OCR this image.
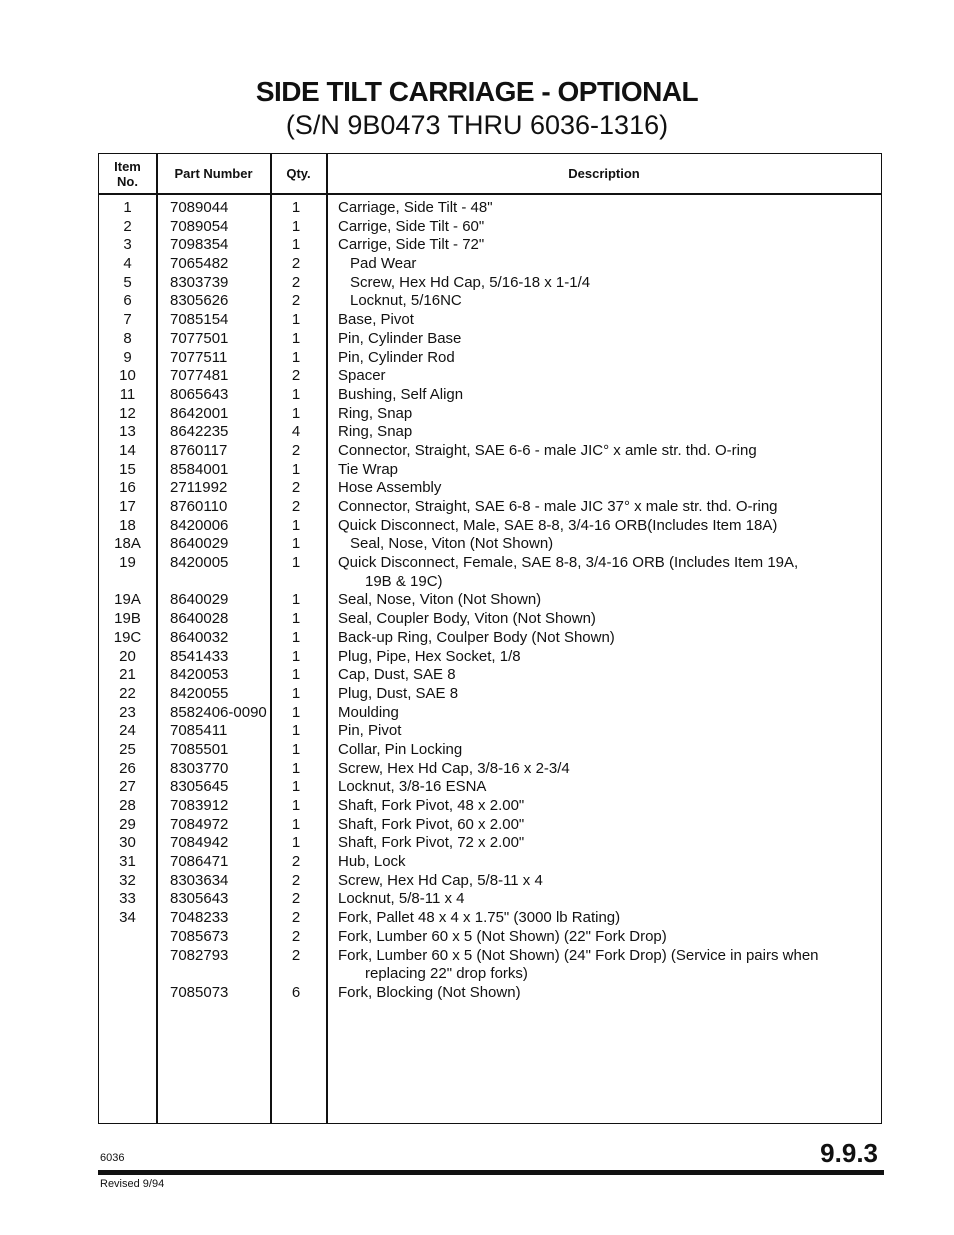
SIDE TILT CARRIAGE - OPTIONAL
(S/N 9B0473 THRU 6036-1316)
Item
No.	Part Number	Qty.	Description
1	7089044	1	Carriage, Side Tilt - 48"
2	7089054	1	Carrige, Side Tilt - 60"
3	7098354	1	Carrige, Side Tilt - 72"
4	7065482	2	Pad Wear
5	8303739	2	Screw, Hex Hd Cap, 5/16-18 x 1-1/4
6	8305626	2	Locknut, 5/16NC
7	7085154	1	Base, Pivot
8	7077501	1	Pin, Cylinder Base
9	7077511	1	Pin, Cylinder Rod
10	7077481	2	Spacer
11	8065643	1	Bushing, Self Align
12	8642001	1	Ring, Snap
13	8642235	4	Ring, Snap
14	8760117	2	Connector, Straight, SAE 6-6 - male JIC° x amle str. thd. O-ring
15	8584001	1	Tie Wrap
16	2711992	2	Hose Assembly
17	8760110	2	Connector, Straight, SAE 6-8 - male JIC 37° x male str. thd. O-ring
18	8420006	1	Quick Disconnect, Male, SAE 8-8, 3/4-16 ORB(Includes Item 18A)
18A	8640029	1	Seal, Nose, Viton (Not Shown)
19	8420005	1	Quick Disconnect, Female, SAE 8-8, 3/4-16 ORB (Includes Item 19A,
19B & 19C)
19A	8640029	1	Seal, Nose, Viton (Not Shown)
19B	8640028	1	Seal, Coupler Body, Viton (Not Shown)
19C	8640032	1	Back-up Ring, Coulper Body (Not Shown)
20	8541433	1	Plug, Pipe, Hex Socket, 1/8
21	8420053	1	Cap, Dust, SAE 8
22	8420055	1	Plug, Dust, SAE 8
23	8582406-0090	1	Moulding
24	7085411	1	Pin, Pivot
25	7085501	1	Collar, Pin Locking
26	8303770	1	Screw, Hex Hd Cap, 3/8-16 x 2-3/4
27	8305645	1	Locknut, 3/8-16 ESNA
28	7083912	1	Shaft, Fork Pivot, 48 x 2.00"
29	7084972	1	Shaft, Fork Pivot, 60 x 2.00"
30	7084942	1	Shaft, Fork Pivot, 72 x 2.00"
31	7086471	2	Hub, Lock
32	8303634	2	Screw, Hex Hd Cap, 5/8-11 x 4
33	8305643	2	Locknut, 5/8-11 x 4
34	7048233	2	Fork, Pallet 48 x 4 x 1.75" (3000 lb Rating)
7085673	2	Fork, Lumber 60 x 5 (Not Shown) (22" Fork Drop)
7082793	2	Fork, Lumber 60 x 5 (Not Shown) (24" Fork Drop) (Service in pairs when
replacing 22" drop forks)
7085073	6	Fork, Blocking (Not Shown)
6036	9.9.3
Revised 9/94
